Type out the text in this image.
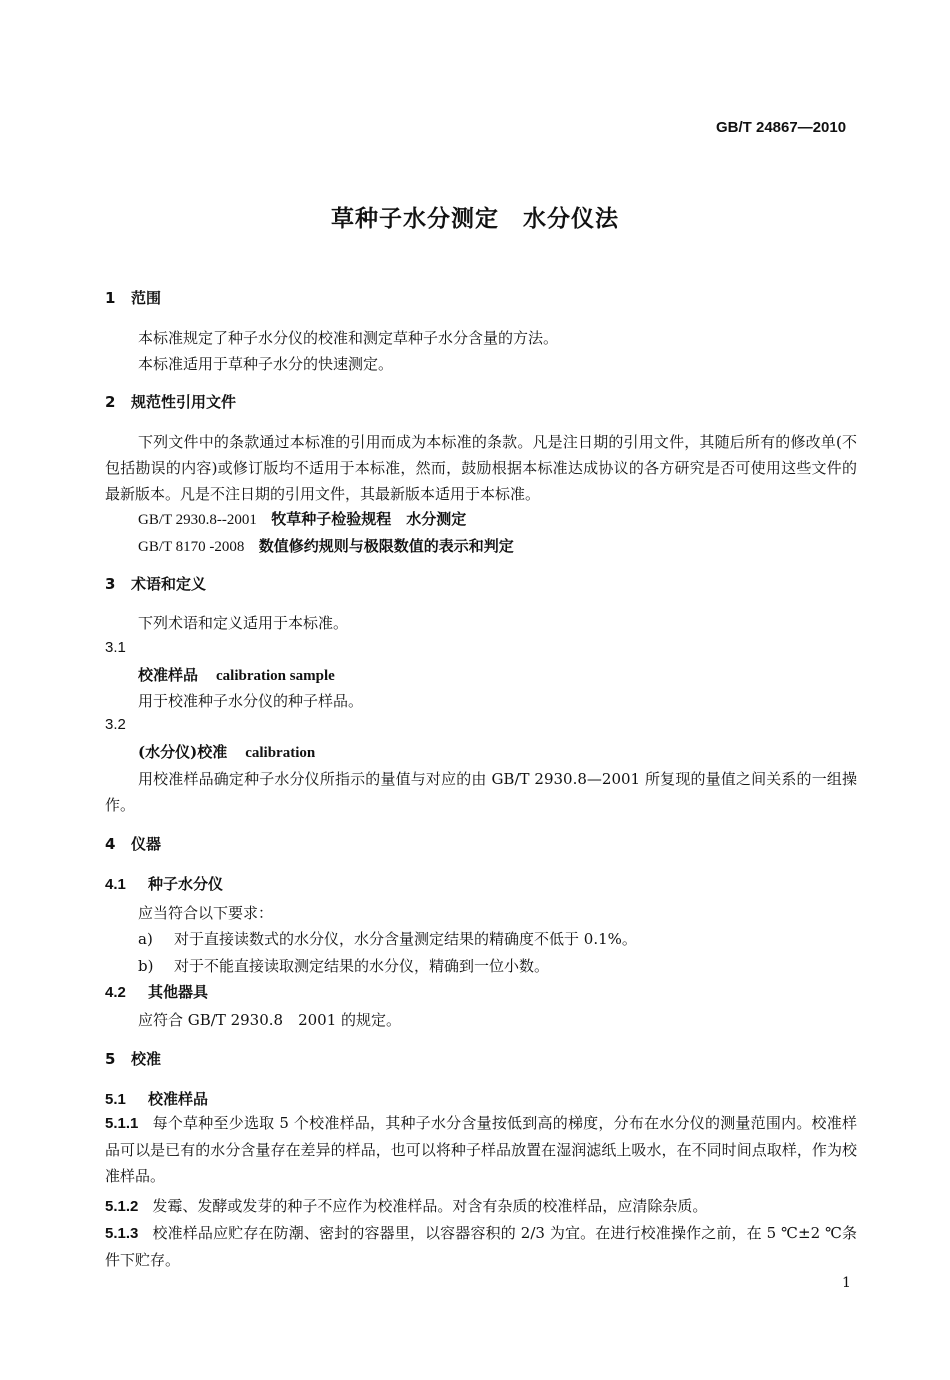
GB/T 24867—2010
草种子水分测定　水分仪法
1 范围
本标准规定了种子水分仪的校准和测定草种子水分含量的方法。
本标准适用于草种子水分的快速测定。
2 规范性引用文件
下列文件中的条款通过本标准的引用而成为本标准的条款。凡是注日期的引用文件，其随后所有的修改单(不包括勘误的内容)或修订版均不适用于本标准，然而，鼓励根据本标准达成协议的各方研究是否可使用这些文件的最新版本。凡是不注日期的引用文件，其最新版本适用于本标准。
GB/T 2930.8--2001 牧草种子检验规程　水分测定
GB/T 8170 -2008 数值修约规则与极限数值的表示和判定
3 术语和定义
下列术语和定义适用于本标准。
3.1
校准样品 calibration sample
用于校准种子水分仪的种子样品。
3.2
(水分仪)校准 calibration
用校准样品确定种子水分仪所指示的量值与对应的由 GB/T 2930.8—2001 所复现的量值之间关系的一组操作。
4 仪器
4.1 种子水分仪
应当符合以下要求：
a) 对于直接读数式的水分仪，水分含量测定结果的精确度不低于 0.1%。
b) 对于不能直接读取测定结果的水分仪，精确到一位小数。
4.2 其他器具
应符合 GB/T 2930.8　2001 的规定。
5 校准
5.1 校准样品
5.1.1 每个草种至少选取 5 个校准样品，其种子水分含量按低到高的梯度，分布在水分仪的测量范围内。校准样品可以是已有的水分含量存在差异的样品，也可以将种子样品放置在湿润滤纸上吸水，在不同时间点取样，作为校准样品。
5.1.2 发霉、发酵或发芽的种子不应作为校准样品。对含有杂质的校准样品，应清除杂质。
5.1.3 校准样品应贮存在防潮、密封的容器里，以容器容积的 2/3 为宜。在进行校准操作之前，在 5 ℃±2 ℃条件下贮存。
1
